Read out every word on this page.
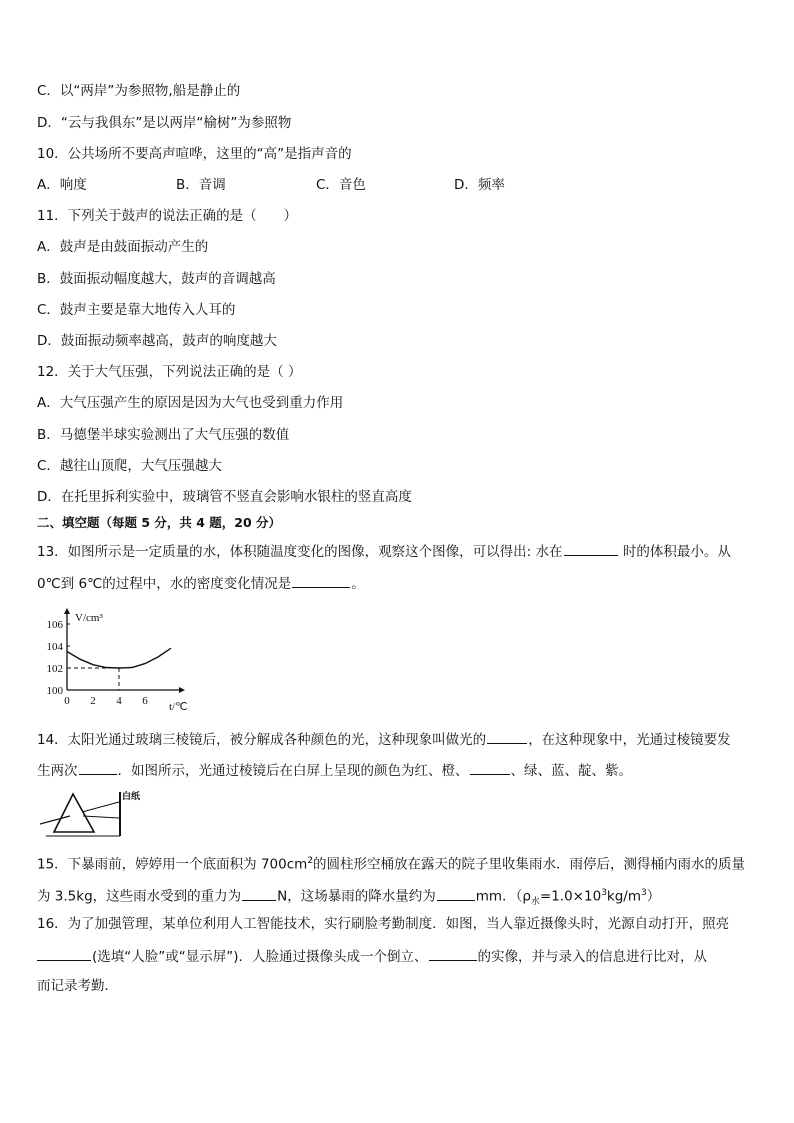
C．以“两岸”为参照物,船是静止的
D．“云与我俱东”是以两岸“榆树”为参照物
10．公共场所不要高声喧哗，这里的“高”是指声音的
A．响度	B．音调	C．音色	D．频率
11．下列关于鼓声的说法正确的是（　　）
A．鼓声是由鼓面振动产生的
B．鼓面振动幅度越大，鼓声的音调越高
C．鼓声主要是靠大地传入人耳的
D．鼓面振动频率越高，鼓声的响度越大
12．关于大气压强，下列说法正确的是（ ）
A．大气压强产生的原因是因为大气也受到重力作用
B．马德堡半球实验测出了大气压强的数值
C．越往山顶爬，大气压强越大
D．在托里拆利实验中，玻璃管不竖直会影响水银柱的竖直高度
二、填空题（每题 5 分，共 4 题，20 分）
13．如图所示是一定质量的水，体积随温度变化的图像，观察这个图像，可以得出: 水在	时的体积最小。从
0℃到 6℃的过程中，水的密度变化情况是	。
100
102
104
106
0 2 4 6
V/cm³
t/℃
14．太阳光通过玻璃三棱镜后，被分解成各种颜色的光，这种现象叫做光的	，在这种现象中，光通过棱镜要发
生两次	．如图所示，光通过棱镜后在白屏上呈现的颜色为红、橙、	、绿、蓝、靛、紫。
白纸
15．下暴雨前，婷婷用一个底面积为 $700cm^2$的圆柱形空桶放在露天的院子里收集雨水．雨停后，测得桶内雨水的质量
为 3.5kg，这些雨水受到的重力为	N，这场暴雨的降水量约为	mm．$(\rho_水=1.0\times 10^3kg/m^3)$
16．为了加强管理，某单位利用人工智能技术，实行刷脸考勤制度．如图，当人靠近摄像头时，光源自动打开，照亮
(选填“人脸”或“显示屏”)．人脸通过摄像头成一个倒立、	的实像，并与录入的信息进行比对，从
而记录考勤．
